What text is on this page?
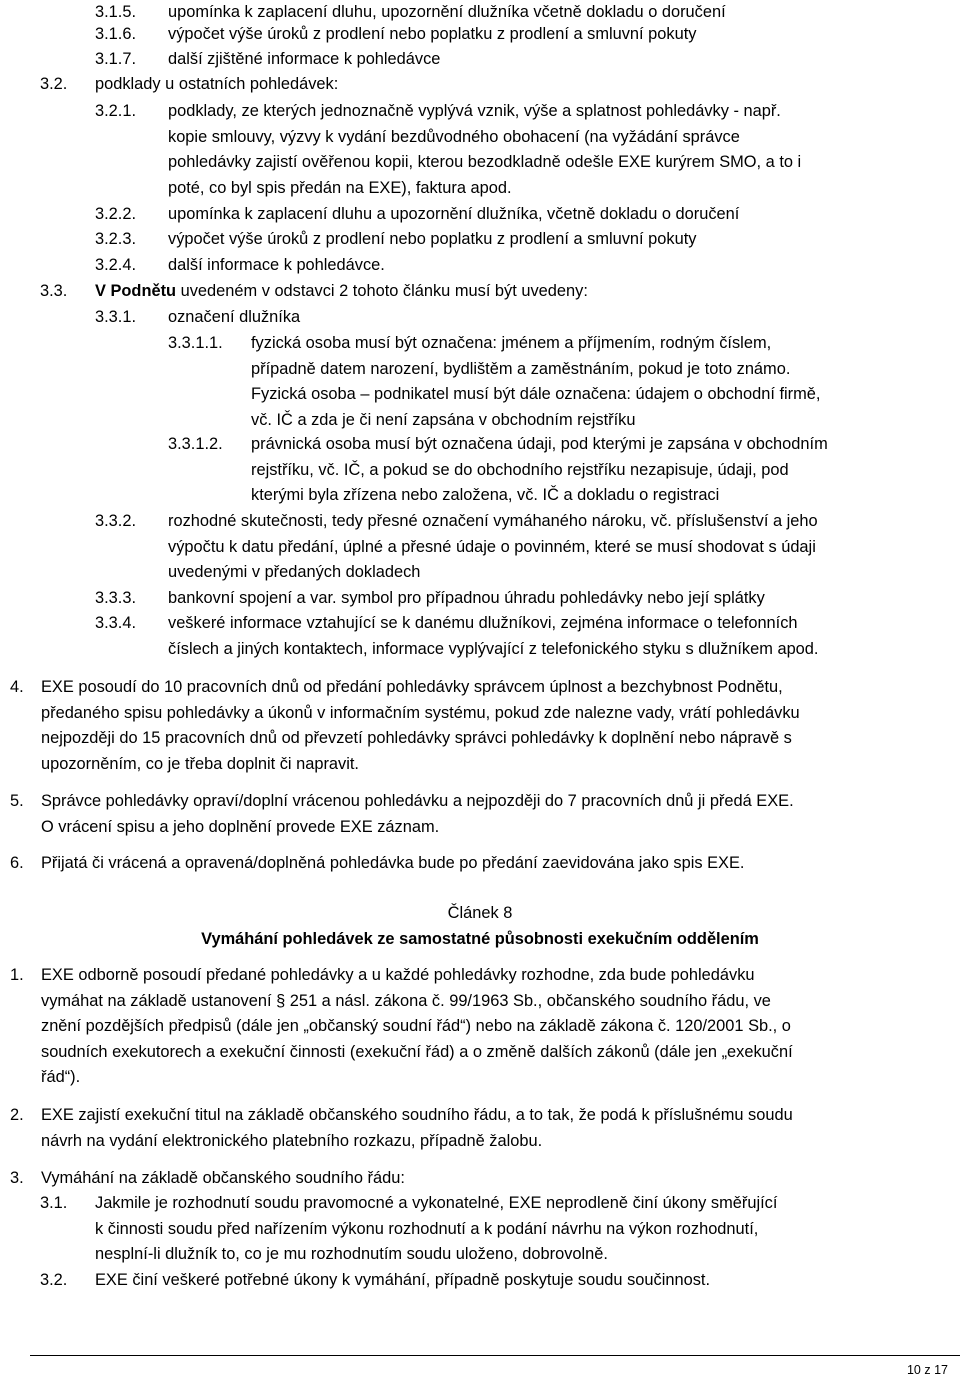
3.1.5. upomínka k zaplacení dluhu, upozornění dlužníka včetně dokladu o doručení
3.1.6. výpočet výše úroků z prodlení nebo poplatku z prodlení a smluvní pokuty
3.1.7. další zjištěné informace k pohledávce
3.2. podklady u ostatních pohledávek:
3.2.1. podklady, ze kterých jednoznačně vyplývá vznik, výše a splatnost pohledávky - např.
kopie smlouvy, výzvy k vydání bezdůvodného obohacení (na vyžádání správce
pohledávky zajistí ověřenou kopii, kterou bezodkladně odešle EXE kurýrem SMO, a to i
poté, co byl spis předán na EXE), faktura apod.
3.2.2. upomínka k zaplacení dluhu a upozornění dlužníka, včetně dokladu o doručení
3.2.3. výpočet výše úroků z prodlení nebo poplatku z prodlení a smluvní pokuty
3.2.4. další informace k pohledávce.
3.3. V Podnětu uvedeném v odstavci 2 tohoto článku musí být uvedeny:
3.3.1. označení dlužníka
3.3.1.1. fyzická osoba musí být označena: jménem a příjmením, rodným číslem,
případně datem narození, bydlištěm a zaměstnáním, pokud je toto známo.
Fyzická osoba – podnikatel musí být dále označena: údajem o obchodní firmě,
vč. IČ a zda je či není zapsána v obchodním rejstříku
3.3.1.2. právnická osoba musí být označena údaji, pod kterými je zapsána v obchodním
rejstříku, vč. IČ, a pokud se do obchodního rejstříku nezapisuje, údaji, pod
kterými byla zřízena nebo založena, vč. IČ a dokladu o registraci
3.3.2. rozhodné skutečnosti, tedy přesné označení vymáhaného nároku, vč. příslušenství a jeho
výpočtu k datu předání, úplné a přesné údaje o povinném, které se musí shodovat s údaji
uvedenými v předaných dokladech
3.3.3. bankovní spojení a var. symbol pro případnou úhradu pohledávky nebo její splátky
3.3.4. veškeré informace vztahující se k danému dlužníkovi, zejména informace o telefonních
číslech a jiných kontaktech, informace vyplývající z telefonického styku s dlužníkem apod.
4. EXE posoudí do 10 pracovních dnů od předání pohledávky správcem úplnost a bezchybnost Podnětu,
předaného spisu pohledávky a úkonů v informačním systému, pokud zde nalezne vady, vrátí pohledávku
nejpozději do 15 pracovních dnů od převzetí pohledávky správci pohledávky k doplnění nebo nápravě s
upozorněním, co je třeba doplnit či napravit.
5. Správce pohledávky opraví/doplní vrácenou pohledávku a nejpozději do 7 pracovních dnů ji předá EXE.
O vrácení spisu a jeho doplnění provede EXE záznam.
6. Přijatá či vrácená a opravená/doplněná pohledávka bude po předání zaevidována jako spis EXE.
Článek 8
Vymáhání pohledávek ze samostatné působnosti exekučním oddělením
1. EXE odborně posoudí předané pohledávky a u každé pohledávky rozhodne, zda bude pohledávku
vymáhat na základě ustanovení § 251 a násl. zákona č. 99/1963 Sb., občanského soudního řádu, ve
znění pozdějších předpisů (dále jen „občanský soudní řád“) nebo na základě zákona č. 120/2001 Sb., o
soudních exekutorech a exekuční činnosti (exekuční řád) a o změně dalších zákonů (dále jen „exekuční
řád“).
2. EXE zajistí exekuční titul na základě občanského soudního řádu, a to tak, že podá k příslušnému soudu
návrh na vydání elektronického platebního rozkazu, případně žalobu.
3. Vymáhání na základě občanského soudního řádu:
3.1. Jakmile je rozhodnutí soudu pravomocné a vykonatelné, EXE neprodleně činí úkony směřující
k činnosti soudu před nařízením výkonu rozhodnutí a k podání návrhu na výkon rozhodnutí,
nesplní-li dlužník to, co je mu rozhodnutím soudu uloženo, dobrovolně.
3.2. EXE činí veškeré potřebné úkony k vymáhání, případně poskytuje soudu součinnost.
10 z 17
